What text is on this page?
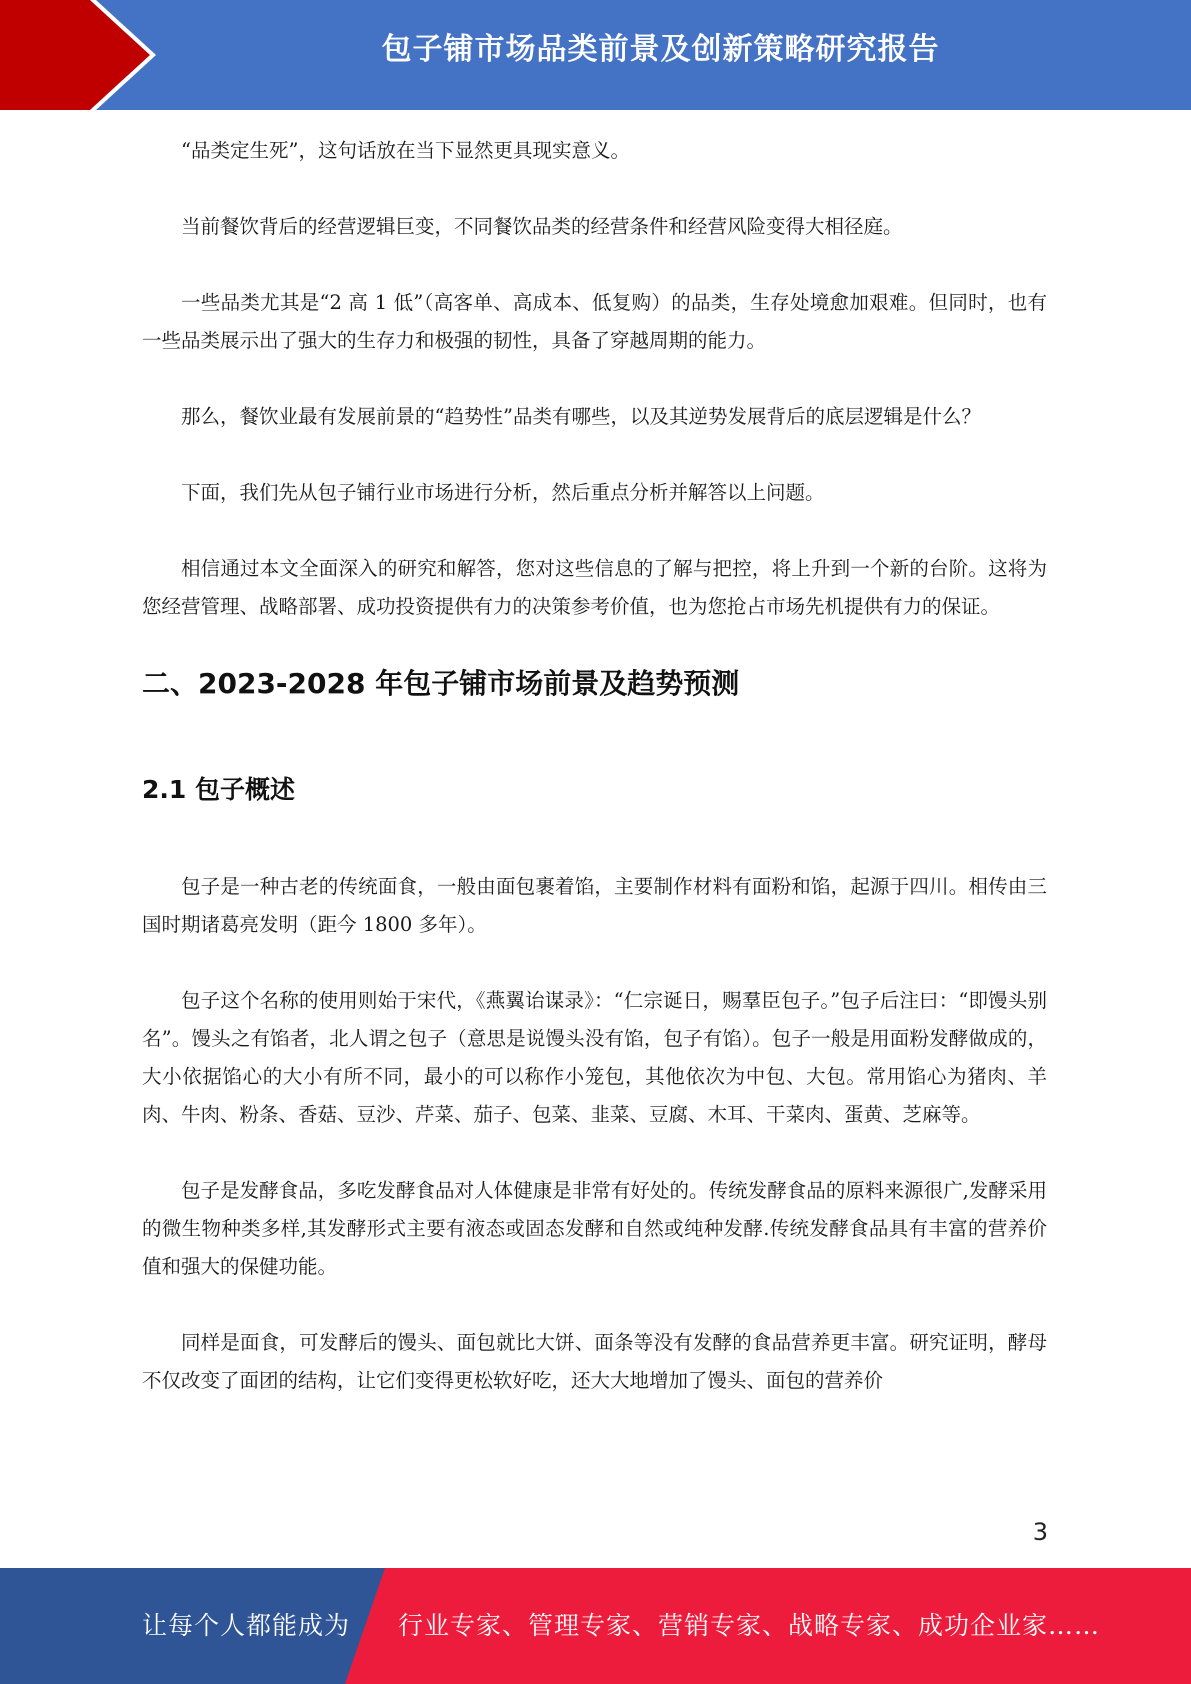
包子铺市场品类前景及创新策略研究报告

“品类定生死”，这句话放在当下显然更具现实意义。

当前餐饮背后的经营逻辑巨变，不同餐饮品类的经营条件和经营风险变得大相径庭。

一些品类尤其是“2 高 1 低”（高客单、高成本、低复购）的品类，生存处境愈加艰难。但同时，也有一些品类展示出了强大的生存力和极强的韧性，具备了穿越周期的能力。

那么，餐饮业最有发展前景的“趋势性”品类有哪些，以及其逆势发展背后的底层逻辑是什么？

下面，我们先从包子铺行业市场进行分析，然后重点分析并解答以上问题。

相信通过本文全面深入的研究和解答，您对这些信息的了解与把控，将上升到一个新的台阶。这将为您经营管理、战略部署、成功投资提供有力的决策参考价值，也为您抢占市场先机提供有力的保证。

二、2023-2028 年包子铺市场前景及趋势预测
2.1 包子概述

包子是一种古老的传统面食，一般由面包裹着馅，主要制作材料有面粉和馅，起源于四川。相传由三国时期诸葛亮发明（距今 1800 多年）。

包子这个名称的使用则始于宋代，《燕翼诒谋录》：“仁宗诞日，赐羣臣包子。”包子后注曰：“即馒头别名”。馒头之有馅者，北人谓之包子（意思是说馒头没有馅，包子有馅）。包子一般是用面粉发酵做成的，大小依据馅心的大小有所不同，最小的可以称作小笼包，其他依次为中包、大包。常用馅心为猪肉、羊肉、牛肉、粉条、香菇、豆沙、芹菜、茄子、包菜、韭菜、豆腐、木耳、干菜肉、蛋黄、芝麻等。

包子是发酵食品，多吃发酵食品对人体健康是非常有好处的。传统发酵食品的原料来源很广,发酵采用的微生物种类多样,其发酵形式主要有液态或固态发酵和自然或纯种发酵.传统发酵食品具有丰富的营养价值和强大的保健功能。

同样是面食，可发酵后的馒头、面包就比大饼、面条等没有发酵的食品营养更丰富。研究证明，酵母不仅改变了面团的结构，让它们变得更松软好吃，还大大地增加了馒头、面包的营养价

3
让每个人都能成为 行业专家、管理专家、营销专家、战略专家、成功企业家……
